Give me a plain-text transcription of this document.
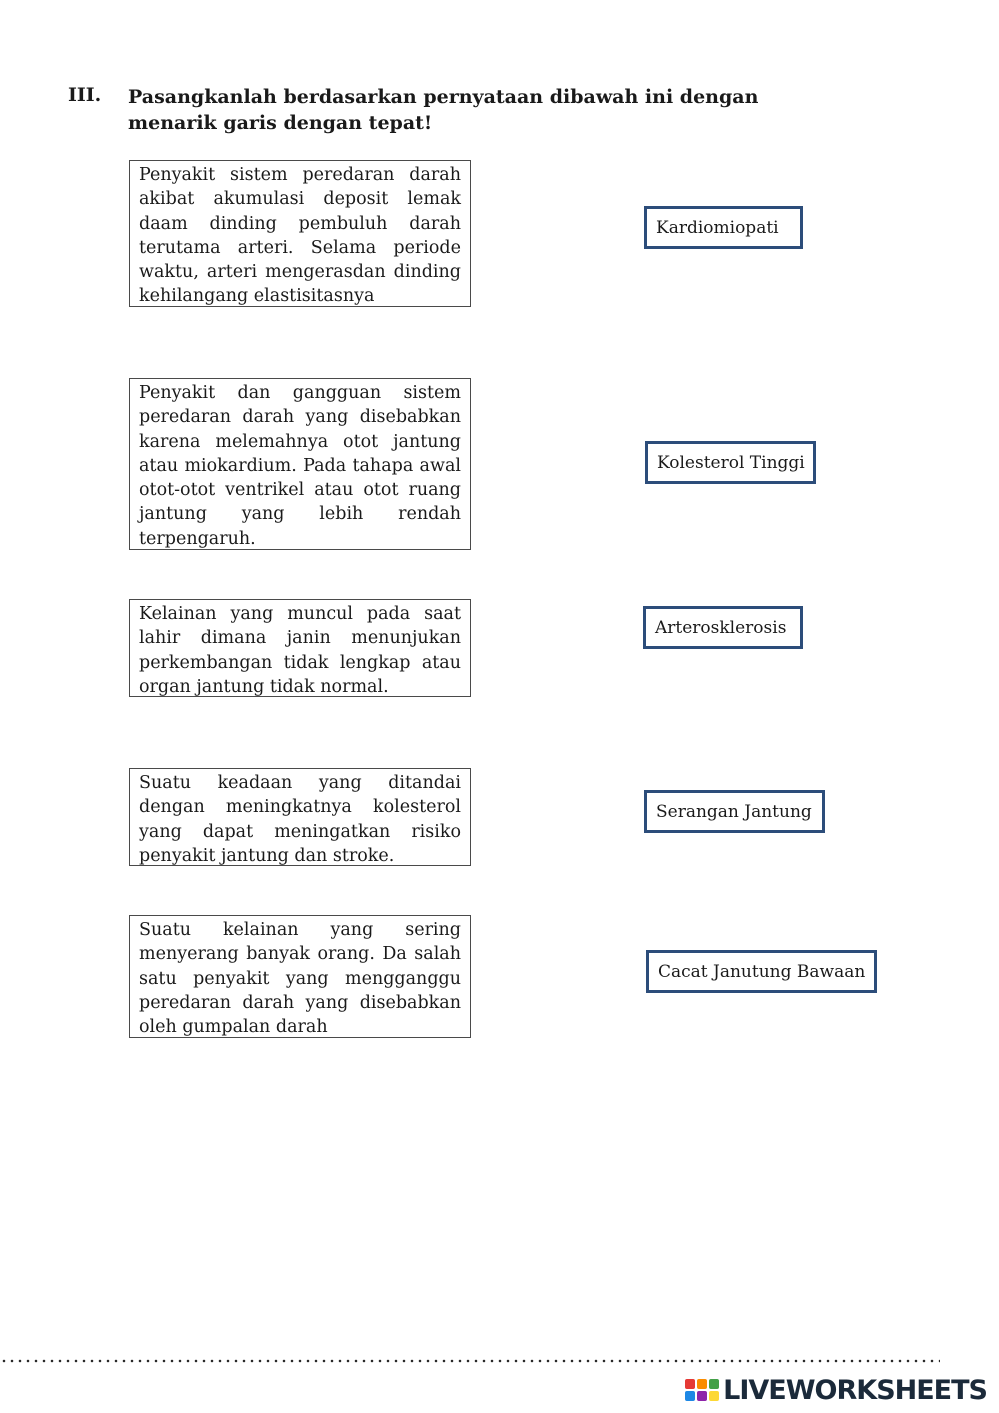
III. Pasangkanlah berdasarkan pernyataan dibawah ini dengan menarik garis dengan tepat!
Penyakit sistem peredaran darah akibat akumulasi deposit lemak daam dinding pembuluh darah terutama arteri. Selama periode waktu, arteri mengerasdan dinding kehilangang elastisitasnya
Penyakit dan gangguan sistem peredaran darah yang disebabkan karena melemahnya otot jantung atau miokardium. Pada tahapa awal otot-otot ventrikel atau otot ruang jantung yang lebih rendah terpengaruh.
Kelainan yang muncul pada saat lahir dimana janin menunjukan perkembangan tidak lengkap atau organ jantung tidak normal.
Suatu keadaan yang ditandai dengan meningkatnya kolesterol yang dapat meningatkan risiko penyakit jantung dan stroke.
Suatu kelainan yang sering menyerang banyak orang. Da salah satu penyakit yang mengganggu peredaran darah yang disebabkan oleh gumpalan darah
Kardiomiopati
Kolesterol Tinggi
Arterosklerosis
Serangan Jantung
Cacat Janutung Bawaan
LIVEWORKSHEETS
